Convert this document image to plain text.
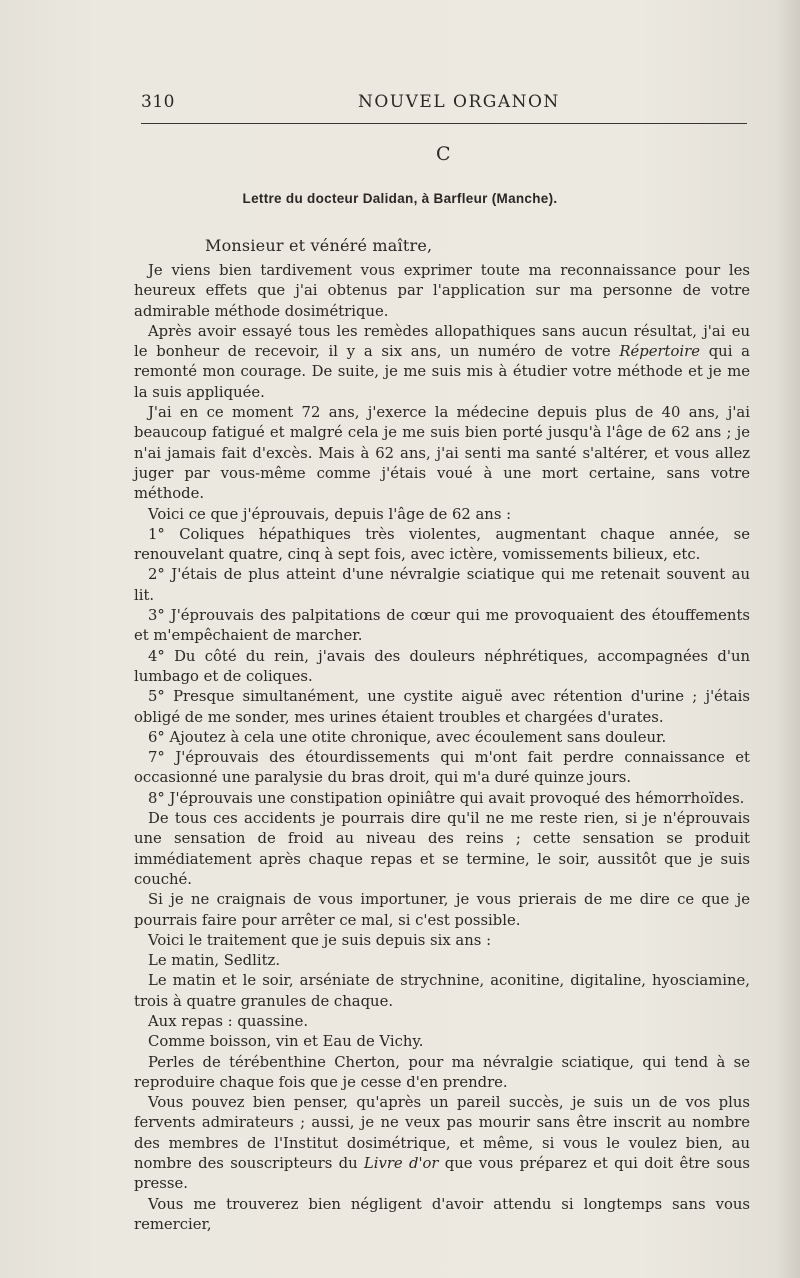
310	NOUVEL ORGANON
C
Lettre du docteur Dalidan, à Barfleur (Manche).
Monsieur et vénéré maître,

Je viens bien tardivement vous exprimer toute ma reconnaissance pour les heureux effets que j'ai obtenus par l'application sur ma personne de votre admirable méthode dosimétrique.

Après avoir essayé tous les remèdes allopathiques sans aucun résultat, j'ai eu le bonheur de recevoir, il y a six ans, un numéro de votre Répertoire qui a remonté mon courage. De suite, je me suis mis à étudier votre méthode et je me la suis appliquée.

J'ai en ce moment 72 ans, j'exerce la médecine depuis plus de 40 ans, j'ai beaucoup fatigué et malgré cela je me suis bien porté jusqu'à l'âge de 62 ans ; je n'ai jamais fait d'excès. Mais à 62 ans, j'ai senti ma santé s'altérer, et vous allez juger par vous-même comme j'étais voué à une mort certaine, sans votre méthode.

Voici ce que j'éprouvais, depuis l'âge de 62 ans :

1° Coliques hépathiques très violentes, augmentant chaque année, se renouvelant quatre, cinq à sept fois, avec ictère, vomissements bilieux, etc.

2° J'étais de plus atteint d'une névralgie sciatique qui me retenait souvent au lit.

3° J'éprouvais des palpitations de cœur qui me provoquaient des étouffements et m'empêchaient de marcher.

4° Du côté du rein, j'avais des douleurs néphrétiques, accompagnées d'un lumbago et de coliques.

5° Presque simultanément, une cystite aiguë avec rétention d'urine ; j'étais obligé de me sonder, mes urines étaient troubles et chargées d'urates.

6° Ajoutez à cela une otite chronique, avec écoulement sans douleur.

7° J'éprouvais des étourdissements qui m'ont fait perdre connaissance et occasionné une paralysie du bras droit, qui m'a duré quinze jours.

8° J'éprouvais une constipation opiniâtre qui avait provoqué des hémorrhoïdes.

De tous ces accidents je pourrais dire qu'il ne me reste rien, si je n'éprouvais une sensation de froid au niveau des reins ; cette sensation se produit immédiatement après chaque repas et se termine, le soir, aussitôt que je suis couché.

Si je ne craignais de vous importuner, je vous prierais de me dire ce que je pourrais faire pour arrêter ce mal, si c'est possible.

Voici le traitement que je suis depuis six ans :

Le matin, Sedlitz.

Le matin et le soir, arséniate de strychnine, aconitine, digitaline, hyosciamine, trois à quatre granules de chaque.

Aux repas : quassine.

Comme boisson, vin et Eau de Vichy.

Perles de térébenthine Cherton, pour ma névralgie sciatique, qui tend à se reproduire chaque fois que je cesse d'en prendre.

Vous pouvez bien penser, qu'après un pareil succès, je suis un de vos plus fervents admirateurs ; aussi, je ne veux pas mourir sans être inscrit au nombre des membres de l'Institut dosimétrique, et même, si vous le voulez bien, au nombre des souscripteurs du Livre d'or que vous préparez et qui doit être sous presse.

Vous me trouverez bien négligent d'avoir attendu si longtemps sans vous remercier,
